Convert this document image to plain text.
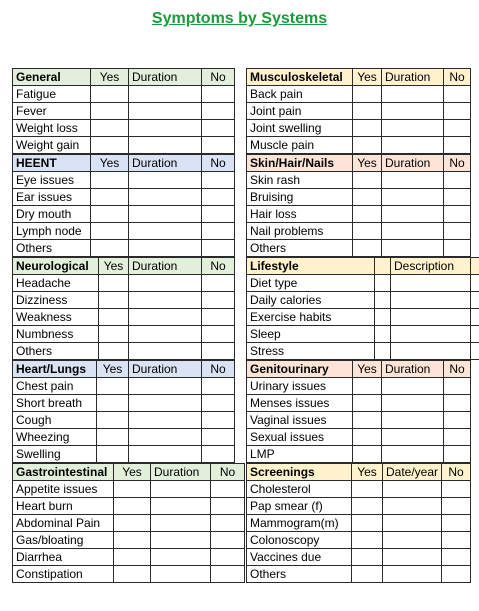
Symptoms by Systems
General	Yes	Duration	No
Fatigue			
Fever			
Weight loss			
Weight gain			
HEENT	Yes	Duration	No
Eye issues			
Ear issues			
Dry mouth			
Lymph node			
Others			
Neurological	Yes	Duration	No
Headache			
Dizziness			
Weakness			
Numbness			
Others			
Heart/Lungs	Yes	Duration	No
Chest pain			
Short breath			
Cough			
Wheezing			
Swelling			
Gastrointestinal	Yes	Duration	No
Appetite issues			
Heart burn			
Abdominal Pain			
Gas/bloating			
Diarrhea			
Constipation			
Musculoskeletal	Yes	Duration	No
Back pain			
Joint pain			
Joint swelling			
Muscle pain			
Skin/Hair/Nails	Yes	Duration	No
Skin rash			
Bruising			
Hair loss			
Nail problems			
Others			
Lifestyle		Description	
Diet type			
Daily calories			
Exercise habits			
Sleep			
Stress			
Genitourinary	Yes	Duration	No
Urinary issues			
Menses issues			
Vaginal issues			
Sexual issues			
LMP			
Screenings	Yes	Date/year	No
Cholesterol			
Pap smear (f)			
Mammogram(m)			
Colonoscopy			
Vaccines due			
Others			
